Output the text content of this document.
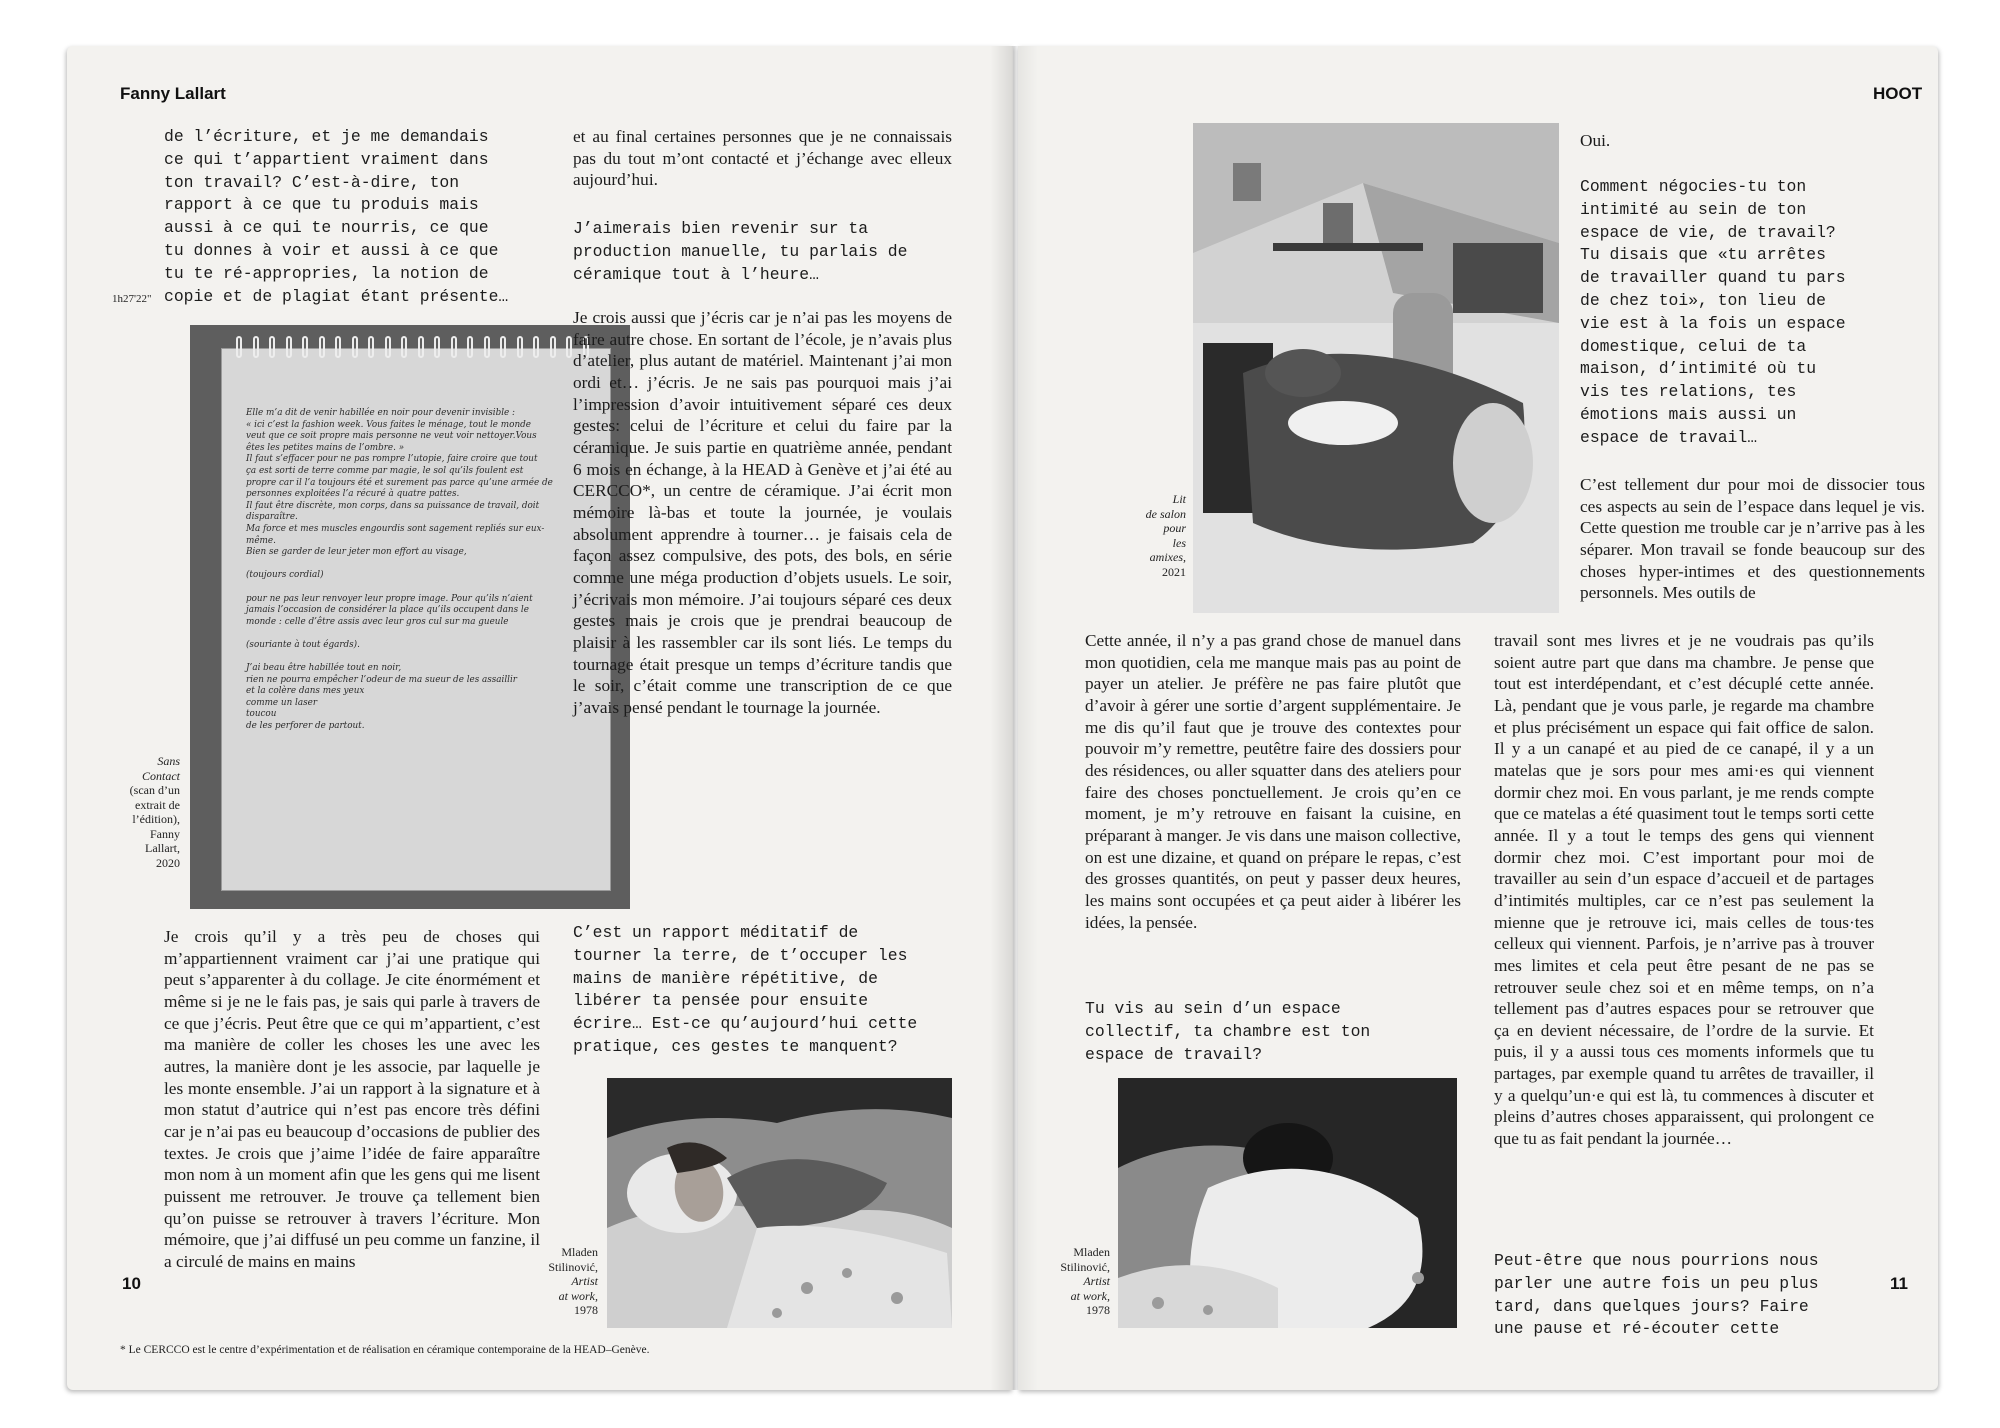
Fanny Lallart
de l’écriture, et je me demandais
ce qui t’appartient vraiment dans
ton travail? C’est-à-dire, ton
rapport à ce que tu produis mais
aussi à ce qui te nourris, ce que
tu donnes à voir et aussi à ce que
tu te ré-appropries, la notion de
copie et de plagiat étant présente…
1h27'22"
Elle m’a dit de venir habillée en noir pour devenir invisible :
« ici c’est la fashion week. Vous faites le ménage, tout le monde
veut que ce soit propre mais personne ne veut voir nettoyer.Vous
êtes les petites mains de l’ombre. »
Il faut s’effacer pour ne pas rompre l’utopie, faire croire que tout
ça est sorti de terre comme par magie, le sol qu’ils foulent est
propre car il l’a toujours été et surement pas parce qu’une armée de
personnes exploitées l’a récuré à quatre pattes.
Il faut être discrète, mon corps, dans sa puissance de travail, doit
disparaître.
Ma force et mes muscles engourdis sont sagement repliés sur eux-
même.
Bien se garder de leur jeter mon effort au visage,

(toujours cordial)

pour ne pas leur renvoyer leur propre image. Pour qu’ils n’aient
jamais l’occasion de considérer la place qu’ils occupent dans le
monde : celle d’être assis avec leur gros cul sur ma gueule

(souriante à tout égards).

J’ai beau être habillée tout en noir,
rien ne pourra empêcher l’odeur de ma sueur de les assaillir
et la colère dans mes yeux
comme un laser
toucou
de les perforer de partout.
Sans
Contact
(scan d’un
extrait de
l’édition),
Fanny
Lallart,
2020
Je crois qu’il y a très peu de choses qui m’appartiennent vraiment car j’ai une pratique qui peut s’apparenter à du collage. Je cite énormément et même si je ne le fais pas, je sais qui parle à travers de ce que j’écris. Peut être que ce qui m’appartient, c’est ma manière de coller les choses les une avec les autres, la manière dont je les associe, par laquelle je les monte ensemble. J’ai un rapport à la signature et à mon statut d’autrice qui n’est pas encore très défini car je n’ai pas eu beaucoup d’occasions de publier des textes. Je crois que j’aime l’idée de faire apparaître mon nom à un moment afin que les gens qui me lisent puissent me retrouver. Je trouve ça tellement bien qu’on puisse se retrouver à travers l’écriture. Mon mémoire, que j’ai diffusé un peu comme un fanzine, il a circulé de mains en mains
et au final certaines personnes que je ne connaissais pas du tout m’ont contacté et j’échange avec elleux aujourd’hui.
J’aimerais bien revenir sur ta
production manuelle, tu parlais de
céramique tout à l’heure…
Je crois aussi que j’écris car je n’ai pas les moyens de faire autre chose. En sortant de l’école, je n’avais plus d’atelier, plus autant de matériel. Maintenant j’ai mon ordi et… j’écris. Je ne sais pas pourquoi mais j’ai l’impression d’avoir intuitivement séparé ces deux gestes: celui de l’écriture et celui du faire par la céramique. Je suis partie en quatrième année, pendant 6 mois en échange, à la HEAD à Genève et j’ai été au CERCCO*, un centre de céramique. J’ai écrit mon mémoire là-bas et toute la journée, je voulais absolument apprendre à tourner… je faisais cela de façon assez compulsive, des pots, des bols, en série comme une méga production d’objets usuels. Le soir, j’écrivais mon mémoire. J’ai toujours séparé ces deux gestes mais je crois que je prendrai beaucoup de plaisir à les rassembler car ils sont liés. Le temps du tournage était presque un temps d’écriture tandis que le soir, c’était comme une transcription de ce que j’avais pensé pendant le tournage la journée.
C’est un rapport méditatif de
tourner la terre, de t’occuper les
mains de manière répétitive, de
libérer ta pensée pour ensuite
écrire… Est-ce qu’aujourd’hui cette
pratique, ces gestes te manquent?
Mladen
Stilinović,
Artist
at work,
1978
10
* Le CERCCO est le centre d’expérimentation et de réalisation en céramique contemporaine de la HEAD–Genève.
HOOT
Lit
de salon
pour
les
amixes,
2021
Oui.
Comment négocies-tu ton
intimité au sein de ton
espace de vie, de travail?
Tu disais que «tu arrêtes
de travailler quand tu pars
de chez toi», ton lieu de
vie est à la fois un espace
domestique, celui de ta
maison, d’intimité où tu
vis tes relations, tes
émotions mais aussi un
espace de travail…
C’est tellement dur pour moi de dissocier tous ces aspects au sein de l’espace dans lequel je vis. Cette question me trouble car je n’arrive pas à les séparer. Mon travail se fonde beaucoup sur des choses hyper-intimes et des questionnements personnels. Mes outils de
Cette année, il n’y a pas grand chose de manuel dans mon quotidien, cela me manque mais pas au point de payer un atelier. Je préfère ne pas faire plutôt que d’avoir à gérer une sortie d’argent supplémentaire. Je me dis qu’il faut que je trouve des contextes pour pouvoir m’y remettre, peutêtre faire des dossiers pour des résidences, ou aller squatter dans des ateliers pour faire des choses ponctuellement. Je crois qu’en ce moment, je m’y retrouve en faisant la cuisine, en préparant à manger. Je vis dans une maison collective, on est une dizaine, et quand on prépare le repas, c’est des grosses quantités, on peut y passer deux heures, les mains sont occupées et ça peut aider à libérer les idées, la pensée.
Tu vis au sein d’un espace
collectif, ta chambre est ton
espace de travail?
travail sont mes livres et je ne voudrais pas qu’ils soient autre part que dans ma chambre. Je pense que tout est interdépendant, et c’est décuplé cette année. Là, pendant que je vous parle, je regarde ma chambre et plus précisément un espace qui fait office de salon. Il y a un canapé et au pied de ce canapé, il y a un matelas que je sors pour mes ami·es qui viennent dormir chez moi. En vous parlant, je me rends compte que ce matelas a été quasiment tout le temps sorti cette année. Il y a tout le temps des gens qui viennent dormir chez moi. C’est important pour moi de travailler au sein d’un espace d’accueil et de partages d’intimités multiples, car ce n’est pas seulement la mienne que je retrouve ici, mais celles de tous·tes celleux qui viennent. Parfois, je n’arrive pas à trouver mes limites et cela peut être pesant de ne pas se retrouver seule chez soi et en même temps, on n’a tellement pas d’autres espaces pour se retrouver que ça en devient nécessaire, de l’ordre de la survie. Et puis, il y a aussi tous ces moments informels que tu partages, par exemple quand tu arrêtes de travailler, il y a quelqu’un·e qui est là, tu commences à discuter et pleins d’autres choses apparaissent, qui prolongent ce que tu as fait pendant la journée…
Peut-être que nous pourrions nous
parler une autre fois un peu plus
tard, dans quelques jours? Faire
une pause et ré-écouter cette
Mladen
Stilinović,
Artist
at work,
1978
11
